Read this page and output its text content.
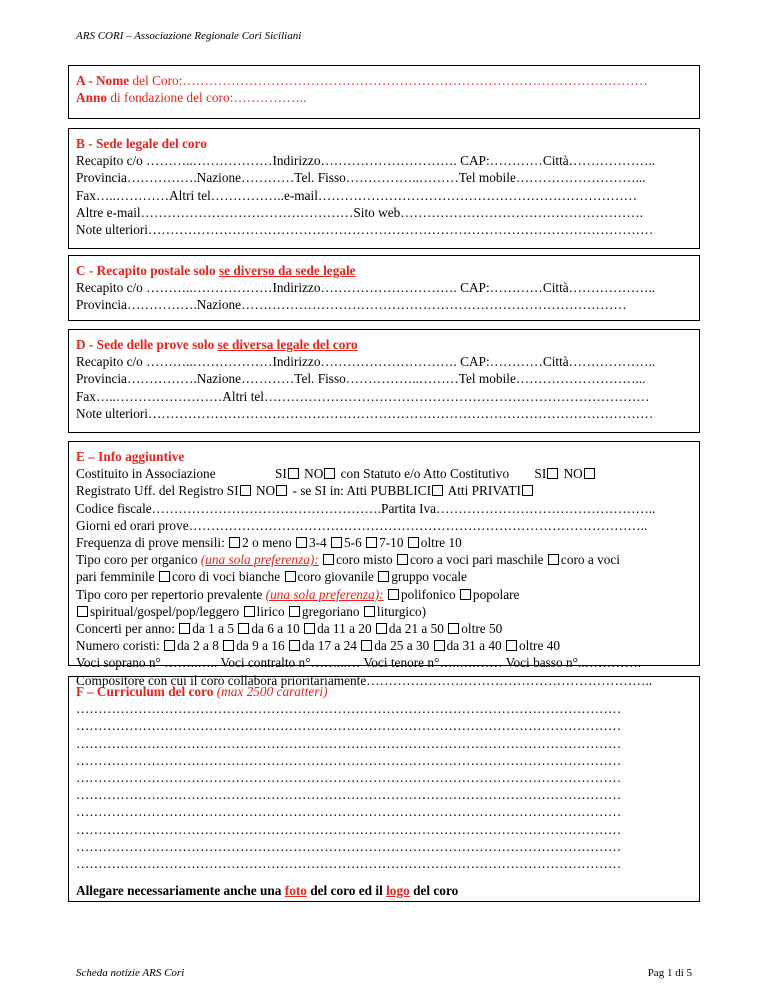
ARS CORI – Associazione Regionale Cori Siciliani
A - Nome del Coro:……………………………………………………………………………………………
Anno di fondazione del coro:……………..
B - Sede legale del coro
Recapito c/o ………..………………Indirizzo…………………………. CAP:…………Città………………..
Provincia…………….Nazione…………Tel. Fisso……………..………Tel mobile………………………...
Fax…..…………Altri tel……………..e-mail………………………………………………………………
Altre e-mail…………………………………………Sito web……………………………………………….
Note ulteriori……………………………………………………………………………………………………
C - Recapito postale solo se diverso da sede legale
Recapito c/o ………..………………Indirizzo…………………………. CAP:…………Città………………..
Provincia…………….Nazione……………………………………………………………………………
D - Sede delle prove solo se diversa legale del coro
Recapito c/o ………..………………Indirizzo…………………………. CAP:…………Città………………..
Provincia…………….Nazione…………Tel. Fisso……………..………Tel mobile………………………...
Fax…..……………………Altri tel……………………………………………………………………………
Note ulteriori……………………………………………………………………………………………………
E – Info aggiuntive
Costituito in Associazione	SI NO con Statuto e/o Atto Costitutivo SI NO
Registrato Uff. del Registro SI NO - se SI in: Atti PUBBLICI Atti PRIVATI
Codice fiscale…………………………………………….Partita Iva…………………………………………..
Giorni ed orari prove…………………………………………………………………………………………..
Frequenza di prove mensili: 2 o meno 3-4 5-6 7-10 oltre 10
Tipo coro per organico (una sola preferenza): coro misto coro a voci pari maschile coro a voci
pari femminile coro di voci bianche coro giovanile gruppo vocale
Tipo coro per repertorio prevalente (una sola preferenza): polifonico popolare
spiritual/gospel/pop/leggero lirico gregoriano liturgico)
Concerti per anno: da 1 a 5 da 6 a 10 da 11 a 20 da 21 a 50 oltre 50
Numero coristi: da 2 a 8 da 9 a 16 da 17 a 24 da 25 a 30 da 31 a 40 oltre 40
Voci soprano n° ……..….. Voci contralto n°……...… Voci tenore n°…..….…… Voci basso n°..………….
Compositore con cui il coro collabora prioritariamente………………………………………………………..
F – Curriculum del coro (max 2500 caratteri)
……………………………………………………………………………………………………………
……………………………………………………………………………………………………………
……………………………………………………………………………………………………………
……………………………………………………………………………………………………………
……………………………………………………………………………………………………………
……………………………………………………………………………………………………………
……………………………………………………………………………………………………………
……………………………………………………………………………………………………………
……………………………………………………………………………………………………………
……………………………………………………………………………………………………………
Allegare necessariamente anche una foto del coro ed il logo del coro
Scheda notizie ARS Cori	Pag 1 di 5
